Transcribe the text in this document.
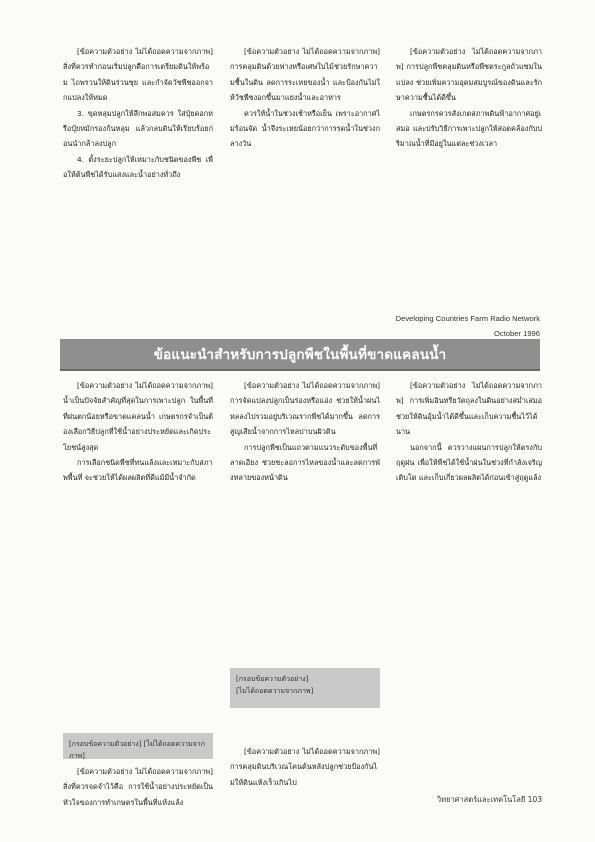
[ข้อความตัวอย่าง ไม่ได้ถอดความจากภาพ] สิ่งที่ควรทำก่อนเริ่มปลูกคือการเตรียมดินให้พร้อม ไถพรวนให้ดินร่วนซุย และกำจัดวัชพืชออกจากแปลงให้หมด

3. ขุดหลุมปลูกให้ลึกพอสมควร ใส่ปุ๋ยคอกหรือปุ๋ยหมักรองก้นหลุม แล้วกลบดินให้เรียบร้อยก่อนนำกล้าลงปลูก

4. ตั้งระยะปลูกให้เหมาะกับชนิดของพืช เพื่อให้ต้นพืชได้รับแสงและน้ำอย่างทั่วถึง

[ข้อความตัวอย่าง ไม่ได้ถอดความจากภาพ] การคลุมดินด้วยฟางหรือเศษใบไม้ช่วยรักษาความชื้นในดิน ลดการระเหยของน้ำ และป้องกันไม่ให้วัชพืชงอกขึ้นมาแย่งน้ำและอาหาร

ควรให้น้ำในช่วงเช้าหรือเย็น เพราะอากาศไม่ร้อนจัด น้ำจึงระเหยน้อยกว่าการรดน้ำในช่วงกลางวัน

[ข้อความตัวอย่าง ไม่ได้ถอดความจากภาพ] การปลูกพืชคลุมดินหรือพืชตระกูลถั่วแซมในแปลง ช่วยเพิ่มความอุดมสมบูรณ์ของดินและรักษาความชื้นได้ดีขึ้น

เกษตรกรควรสังเกตสภาพดินฟ้าอากาศอยู่เสมอ และปรับวิธีการเพาะปลูกให้สอดคล้องกับปริมาณน้ำที่มีอยู่ในแต่ละช่วงเวลา

Developing Countries Farm Radio Network
October 1996
ข้อแนะนำสำหรับการปลูกพืชในพื้นที่ขาดแคลนน้ำ

[ข้อความตัวอย่าง ไม่ได้ถอดความจากภาพ] น้ำเป็นปัจจัยสำคัญที่สุดในการเพาะปลูก ในพื้นที่ที่ฝนตกน้อยหรือขาดแคลนน้ำ เกษตรกรจำเป็นต้องเลือกวิธีปลูกที่ใช้น้ำอย่างประหยัดและเกิดประโยชน์สูงสุด

การเลือกชนิดพืชที่ทนแล้งและเหมาะกับสภาพพื้นที่ จะช่วยให้ได้ผลผลิตที่ดีแม้มีน้ำจำกัด

[กรอบข้อความตัวอย่าง] [ไม่ได้ถอดความจากภาพ]

[ข้อความตัวอย่าง ไม่ได้ถอดความจากภาพ] สิ่งที่ควรจดจำไว้คือ การใช้น้ำอย่างประหยัดเป็นหัวใจของการทำเกษตรในพื้นที่แห้งแล้ง

[ข้อความตัวอย่าง ไม่ได้ถอดความจากภาพ] การจัดแปลงปลูกเป็นร่องหรือแอ่ง ช่วยให้น้ำฝนไหลลงไปรวมอยู่บริเวณรากพืชได้มากขึ้น ลดการสูญเสียน้ำจากการไหลบ่าบนผิวดิน

การปลูกพืชเป็นแถวตามแนวระดับของพื้นที่ลาดเอียง ช่วยชะลอการไหลของน้ำและลดการพังทลายของหน้าดิน

[กรอบข้อความตัวอย่าง]
[ไม่ได้ถอดความจากภาพ]

[ข้อความตัวอย่าง ไม่ได้ถอดความจากภาพ] การคลุมดินบริเวณโคนต้นหลังปลูกช่วยป้องกันไม่ให้ดินแห้งเร็วเกินไป

[ข้อความตัวอย่าง ไม่ได้ถอดความจากภาพ] การเพิ่มอินทรียวัตถุลงในดินอย่างสม่ำเสมอ ช่วยให้ดินอุ้มน้ำได้ดีขึ้นและเก็บความชื้นไว้ได้นาน

นอกจากนี้ ควรวางแผนการปลูกให้ตรงกับฤดูฝน เพื่อให้พืชได้ใช้น้ำฝนในช่วงที่กำลังเจริญเติบโต และเก็บเกี่ยวผลผลิตได้ก่อนเข้าสู่ฤดูแล้ง

วิทยาศาสตร์และเทคโนโลยี 103
